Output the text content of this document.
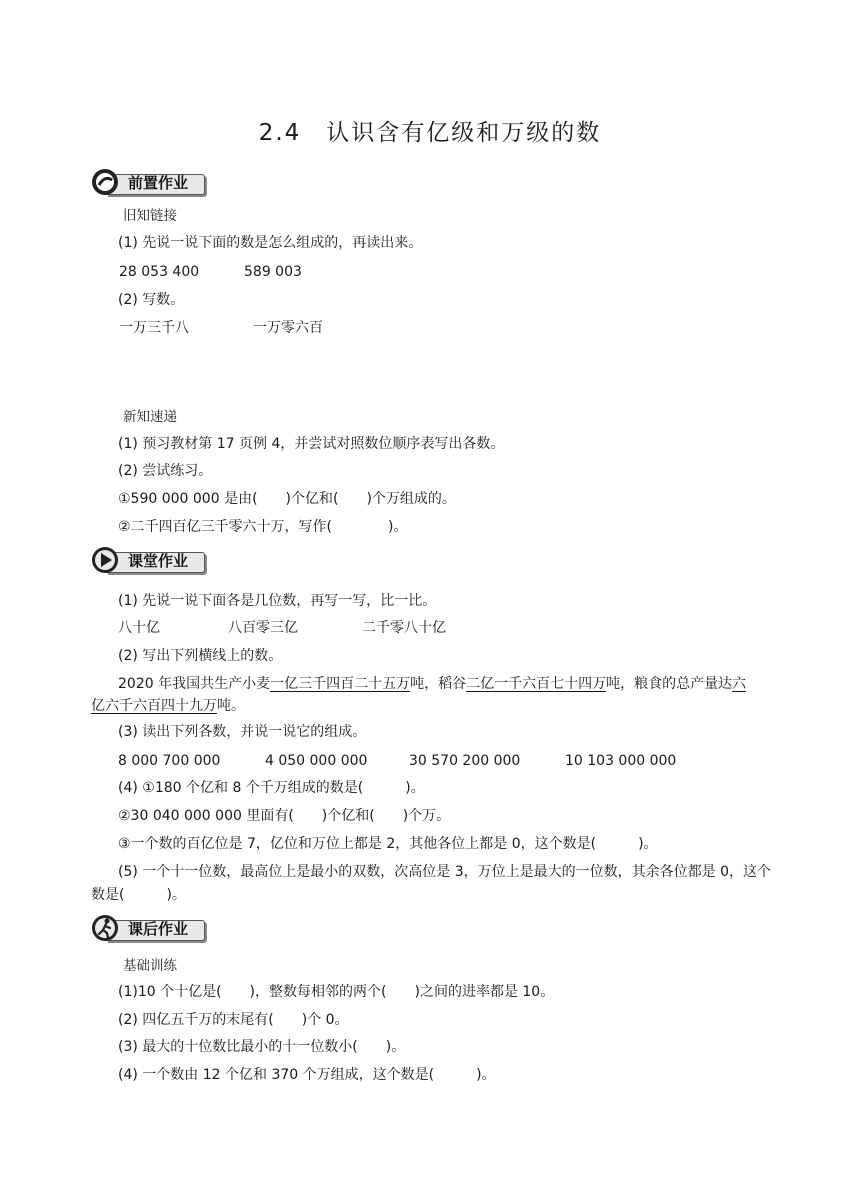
2.4　认识含有亿级和万级的数
前置作业
旧知链接
(1) 先说一说下面的数是怎么组成的，再读出来。
28 053 400	589 003
(2) 写数。
一万三千八	一万零六百
新知速递
(1) 预习教材第 17 页例 4，并尝试对照数位顺序表写出各数。
(2) 尝试练习。
①590 000 000 是由(　　)个亿和(　　)个万组成的。
②二千四百亿三千零六十万，写作(　　　　)。
课堂作业
(1) 先说一说下面各是几位数，再写一写，比一比。
八十亿	八百零三亿	二千零八十亿
(2) 写出下列横线上的数。
2020 年我国共生产小麦一亿三千四百二十五万吨，稻谷二亿一千六百七十四万吨，粮食的总产量达六
亿六千六百四十九万吨。
(3) 读出下列各数，并说一说它的组成。
8 000 700 000	4 050 000 000	30 570 200 000	10 103 000 000
(4) ①180 个亿和 8 个千万组成的数是(　　　)。
②30 040 000 000 里面有(　　)个亿和(　　)个万。
③一个数的百亿位是 7，亿位和万位上都是 2，其他各位上都是 0，这个数是(　　　)。
(5) 一个十一位数，最高位上是最小的双数，次高位是 3，万位上是最大的一位数，其余各位都是 0，这个
数是(　　　)。
课后作业
基础训练
(1)10 个十亿是(　　)，整数每相邻的两个(　　)之间的进率都是 10。
(2) 四亿五千万的末尾有(　　)个 0。
(3) 最大的十位数比最小的十一位数小(　　)。
(4) 一个数由 12 个亿和 370 个万组成，这个数是(　　　)。
